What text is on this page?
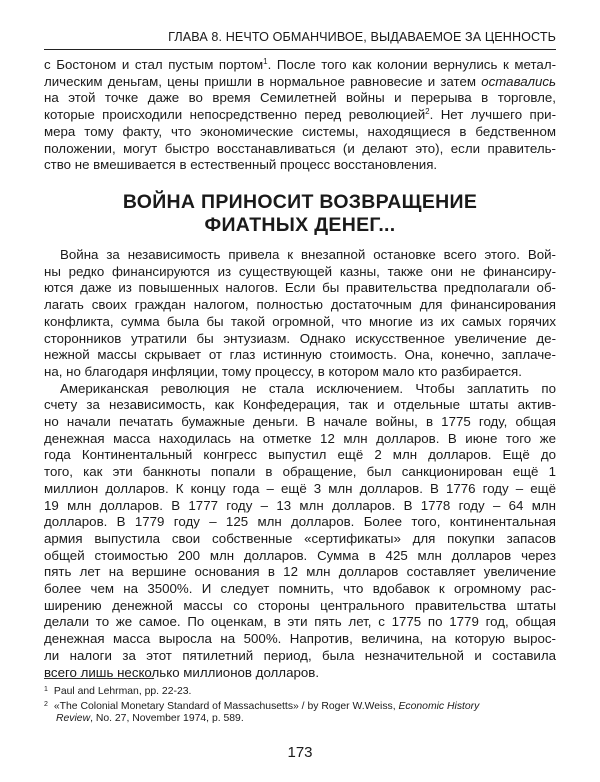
ГЛАВА 8. НЕЧТО ОБМАНЧИВОЕ, ВЫДАВАЕМОЕ ЗА ЦЕННОСТЬ
с Бостоном и стал пустым портом$^1$. После того как колонии вернулись к метал-
лическим деньгам, цены пришли в нормальное равновесие и затем оставались
на этой точке даже во время Семилетней войны и перерыва в торговле,
которые происходили непосредственно перед революцией$^2$. Нет лучшего при-
мера тому факту, что экономические системы, находящиеся в бедственном
положении, могут быстро восстанавливаться (и делают это), если правитель-
ство не вмешивается в естественный процесс восстановления.
ВОЙНА ПРИНОСИТ ВОЗВРАЩЕНИЕ
ФИАТНЫХ ДЕНЕГ...
Война за независимость привела к внезапной остановке всего этого. Вой-
ны редко финансируются из существующей казны, также они не финансиру-
ются даже из повышенных налогов. Если бы правительства предполагали об-
лагать своих граждан налогом, полностью достаточным для финансирования
конфликта, сумма была бы такой огромной, что многие из их самых горячих
сторонников утратили бы энтузиазм. Однако искусственное увеличение де-
нежной массы скрывает от глаз истинную стоимость. Она, конечно, заплаче-
на, но благодаря инфляции, тому процессу, в котором мало кто разбирается.
Американская революция не стала исключением. Чтобы заплатить по
счету за независимость, как Конфедерация, так и отдельные штаты актив-
но начали печатать бумажные деньги. В начале войны, в 1775 году, общая
денежная масса находилась на отметке 12 млн долларов. В июне того же
года Континентальный конгресс выпустил ещё 2 млн долларов. Ещё до
того, как эти банкноты попали в обращение, был санкционирован ещё 1
миллион долларов. К концу года – ещё 3 млн долларов. В 1776 году – ещё
19 млн долларов. В 1777 году – 13 млн долларов. В 1778 году – 64 млн
долларов. В 1779 году – 125 млн долларов. Более того, континентальная
армия выпустила свои собственные «сертификаты» для покупки запасов
общей стоимостью 200 млн долларов. Сумма в 425 млн долларов через
пять лет на вершине основания в 12 млн долларов составляет увеличение
более чем на 3500%. И следует помнить, что вдобавок к огромному рас-
ширению денежной массы со стороны центрального правительства штаты
делали то же самое. По оценкам, в эти пять лет, с 1775 по 1779 год, общая
денежная масса выросла на 500%. Напротив, величина, на которую вырос-
ли налоги за этот пятилетний период, была незначительной и составила
всего лишь несколько миллионов долларов.
$^1$ Paul and Lehrman, pp. 22-23.
$^2$ «The Colonial Monetary Standard of Massachusetts» / by Roger W.Weiss, Economic History
Review, No. 27, November 1974, p. 589.
173
